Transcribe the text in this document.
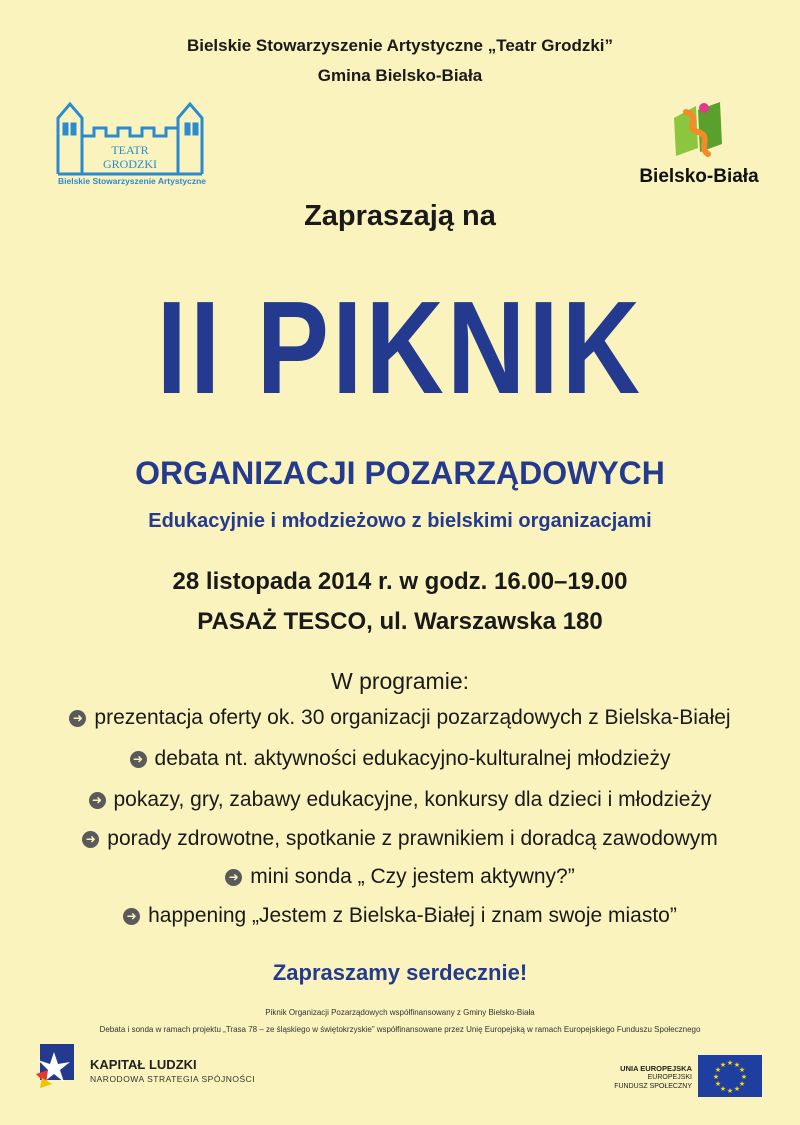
Bielskie Stowarzyszenie Artystyczne „Teatr Grodzki”
Gmina Bielsko-Biała
TEATR
GRODZKI
Bielskie Stowarzyszenie Artystyczne	Bielsko-Biała
Zapraszają na
II PIKNIK
ORGANIZACJI POZARZĄDOWYCH
Edukacyjnie i młodzieżowo z bielskimi organizacjami
28 listopada 2014 r. w godz. 16.00–19.00
PASAŻ TESCO, ul. Warszawska 180
W programie:
➜ prezentacja oferty ok. 30 organizacji pozarządowych z Bielska-Białej
➜ debata nt. aktywności edukacyjno-kulturalnej młodzieży
➜ pokazy, gry, zabawy edukacyjne, konkursy dla dzieci i młodzieży
➜ porady zdrowotne, spotkanie z prawnikiem i doradcą zawodowym
➜ mini sonda „ Czy jestem aktywny?”
➜ happening „Jestem z Bielska-Białej i znam swoje miasto”
Zapraszamy serdecznie!
Piknik Organizacji Pozarządowych współfinansowany z Gminy Bielsko-Biała
Debata i sonda w ramach projektu „Trasa 78 – ze śląskiego w świętokrzyskie” współfinansowane przez Unię Europejską w ramach Europejskiego Funduszu Społecznego
KAPITAŁ LUDZKI
NARODOWA STRATEGIA SPÓJNOŚCI
UNIA EUROPEJSKA
EUROPEJSKI
FUNDUSZ SPOŁECZNY
★ ★
★
★
★
★
★
★
★
★
★
★
